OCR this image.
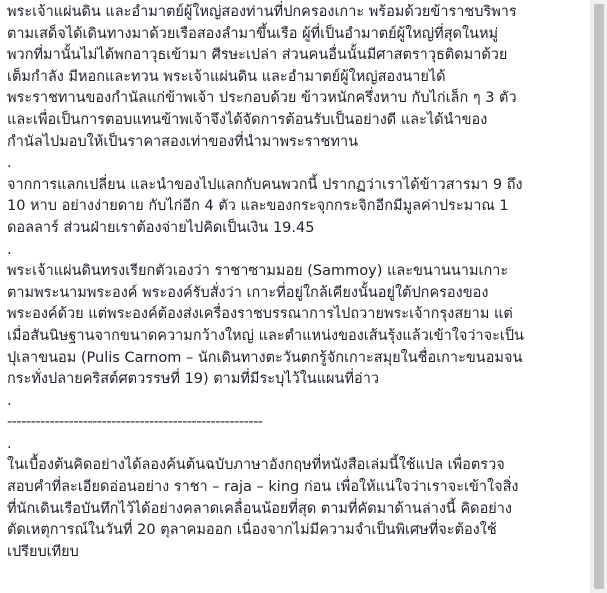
พระเจ้าแผ่นดิน และอำมาตย์ผู้ใหญ่สองท่านที่ปกครองเกาะ พร้อมด้วยข้าราชบริพาร
ตามเสด็จได้เดินทางมาด้วยเรือสองลำมาขึ้นเรือ ผู้ที่เป็นอำมาตย์ผู้ใหญ่ที่สุดในหมู่
พวกที่มานั้นไม่ได้พกอาวุธเข้ามา ศีรษะเปล่า ส่วนคนอื่นนั้นมีศาสตราวุธติดมาด้วย
เต็มกำลัง มีหอกและทวน พระเจ้าแผ่นดิน และอำมาตย์ผู้ใหญ่สองนายได้
พระราชทานของกำนัลแก่ข้าพเจ้า ประกอบด้วย ข้าวหนักครึ่งหาบ กับไก่เล็ก ๆ 3 ตัว
และเพื่อเป็นการตอบแทนข้าพเจ้าจึงได้จัดการต้อนรับเป็นอย่างดี และได้นำของ
กำนัลไปมอบให้เป็นราคาสองเท่าของที่นำมาพระราชทาน

.

จากการแลกเปลี่ยน และนำของไปแลกกับคนพวกนี้ ปรากฏว่าเราได้ข้าวสารมา 9 ถึง
10 หาบ อย่างง่ายดาย กับไก่อีก 4 ตัว และของกระจุกกระจิกอีกมีมูลค่าประมาณ 1
ดอลลาร์ ส่วนฝ่ายเราต้องจ่ายไปคิดเป็นเงิน 19.45

.

พระเจ้าแผ่นดินทรงเรียกตัวเองว่า ราชาซามมอย (Sammoy) และขนานนามเกาะ
ตามพระนามพระองค์ พระองค์รับสั่งว่า เกาะที่อยู่ใกล้เคียงนั้นอยู่ใต้ปกครองของ
พระองค์ด้วย แต่พระองค์ต้องส่งเครื่องราชบรรณาการไปถวายพระเจ้ากรุงสยาม แต่
เมื่อสันนิษฐานจากขนาดความกว้างใหญ่ และตำแหน่งของเส้นรุ้งแล้วเข้าใจว่าจะเป็น
ปุเลาขนอม (Pulis Carnom – นักเดินทางตะวันตกรู้จักเกาะสมุยในชื่อเกาะขนอมจน
กระทั่งปลายคริสต์ศตวรรษที่ 19) ตามที่มีระบุไว้ในแผนที่อ่าว

.

------------------------------------------------------

.

ในเบื้องต้นคิดอย่างได้ลองค้นต้นฉบับภาษาอังกฤษที่หนังสือเล่มนี้ใช้แปล เพื่อตรวจ
สอบคำที่ละเอียดอ่อนอย่าง ราชา – raja – king ก่อน เพื่อให้แน่ใจว่าเราจะเข้าใจสิ่ง
ที่นักเดินเรือบันทึกไว้ได้อย่างคลาดเคลื่อนน้อยที่สุด ตามที่คัดมาด้านล่างนี้ คิดอย่าง
ตัดเหตุการณ์ในวันที่ 20 ตุลาคมออก เนื่องจากไม่มีความจำเป็นพิเศษที่จะต้องใช้
เปรียบเทียบ
